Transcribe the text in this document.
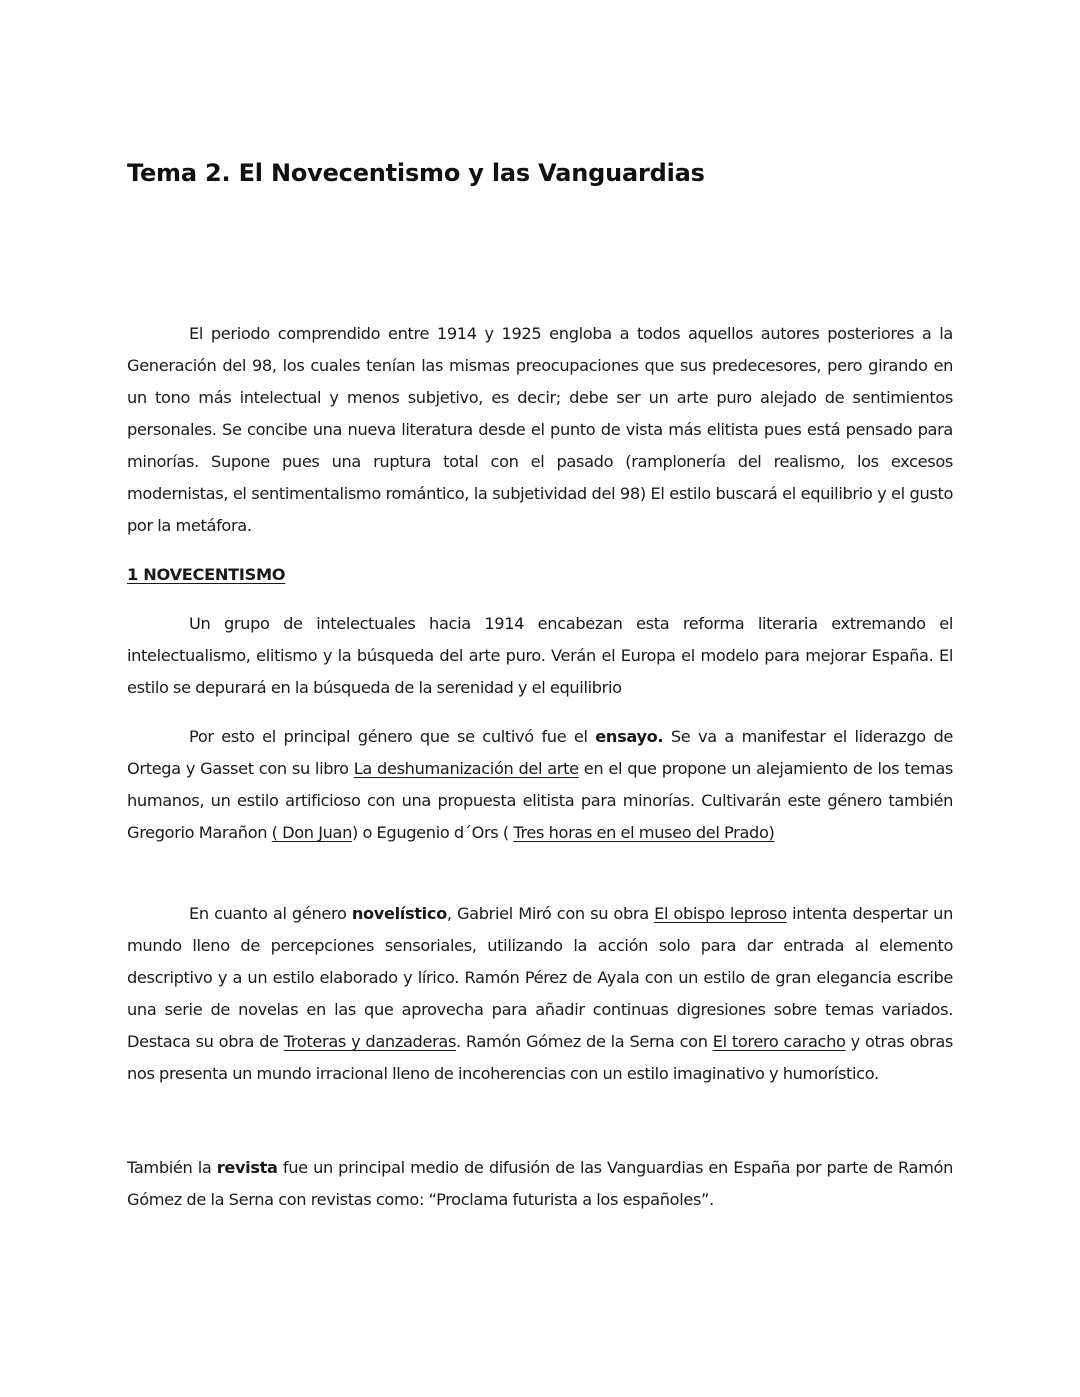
Tema 2. El Novecentismo y las Vanguardias

El periodo comprendido entre 1914 y 1925 engloba a todos aquellos autores posteriores a la Generación del 98, los cuales tenían las mismas preocupaciones que sus predecesores, pero girando en un tono más intelectual y menos subjetivo, es decir; debe ser un arte puro alejado de sentimientos personales. Se concibe una nueva literatura desde el punto de vista más elitista pues está pensado para minorías. Supone pues una ruptura total con el pasado (ramplonería del realismo, los excesos modernistas, el sentimentalismo romántico, la subjetividad del 98) El estilo buscará el equilibrio y el gusto por la metáfora.

1 NOVECENTISMO

Un grupo de intelectuales hacia 1914 encabezan esta reforma literaria extremando el intelectualismo, elitismo y la búsqueda del arte puro. Verán el Europa el modelo para mejorar España. El estilo se depurará en la búsqueda de la serenidad y el equilibrio

Por esto el principal género que se cultivó fue el ensayo. Se va a manifestar el liderazgo de Ortega y Gasset con su libro La deshumanización del arte en el que propone un alejamiento de los temas humanos, un estilo artificioso con una propuesta elitista para minorías. Cultivarán este género también Gregorio Marañon ( Don Juan) o Egugenio d´Ors ( Tres horas en el museo del Prado)

En cuanto al género novelístico, Gabriel Miró con su obra El obispo leproso intenta despertar un mundo lleno de percepciones sensoriales, utilizando la acción solo para dar entrada al elemento descriptivo y a un estilo elaborado y lírico. Ramón Pérez de Ayala con un estilo de gran elegancia escribe una serie de novelas en las que aprovecha para añadir continuas digresiones sobre temas variados. Destaca su obra de Troteras y danzaderas. Ramón Gómez de la Serna con El torero caracho y otras obras nos presenta un mundo irracional lleno de incoherencias con un estilo imaginativo y humorístico.

También la revista fue un principal medio de difusión de las Vanguardias en España por parte de Ramón Gómez de la Serna con revistas como: “Proclama futurista a los españoles”.
